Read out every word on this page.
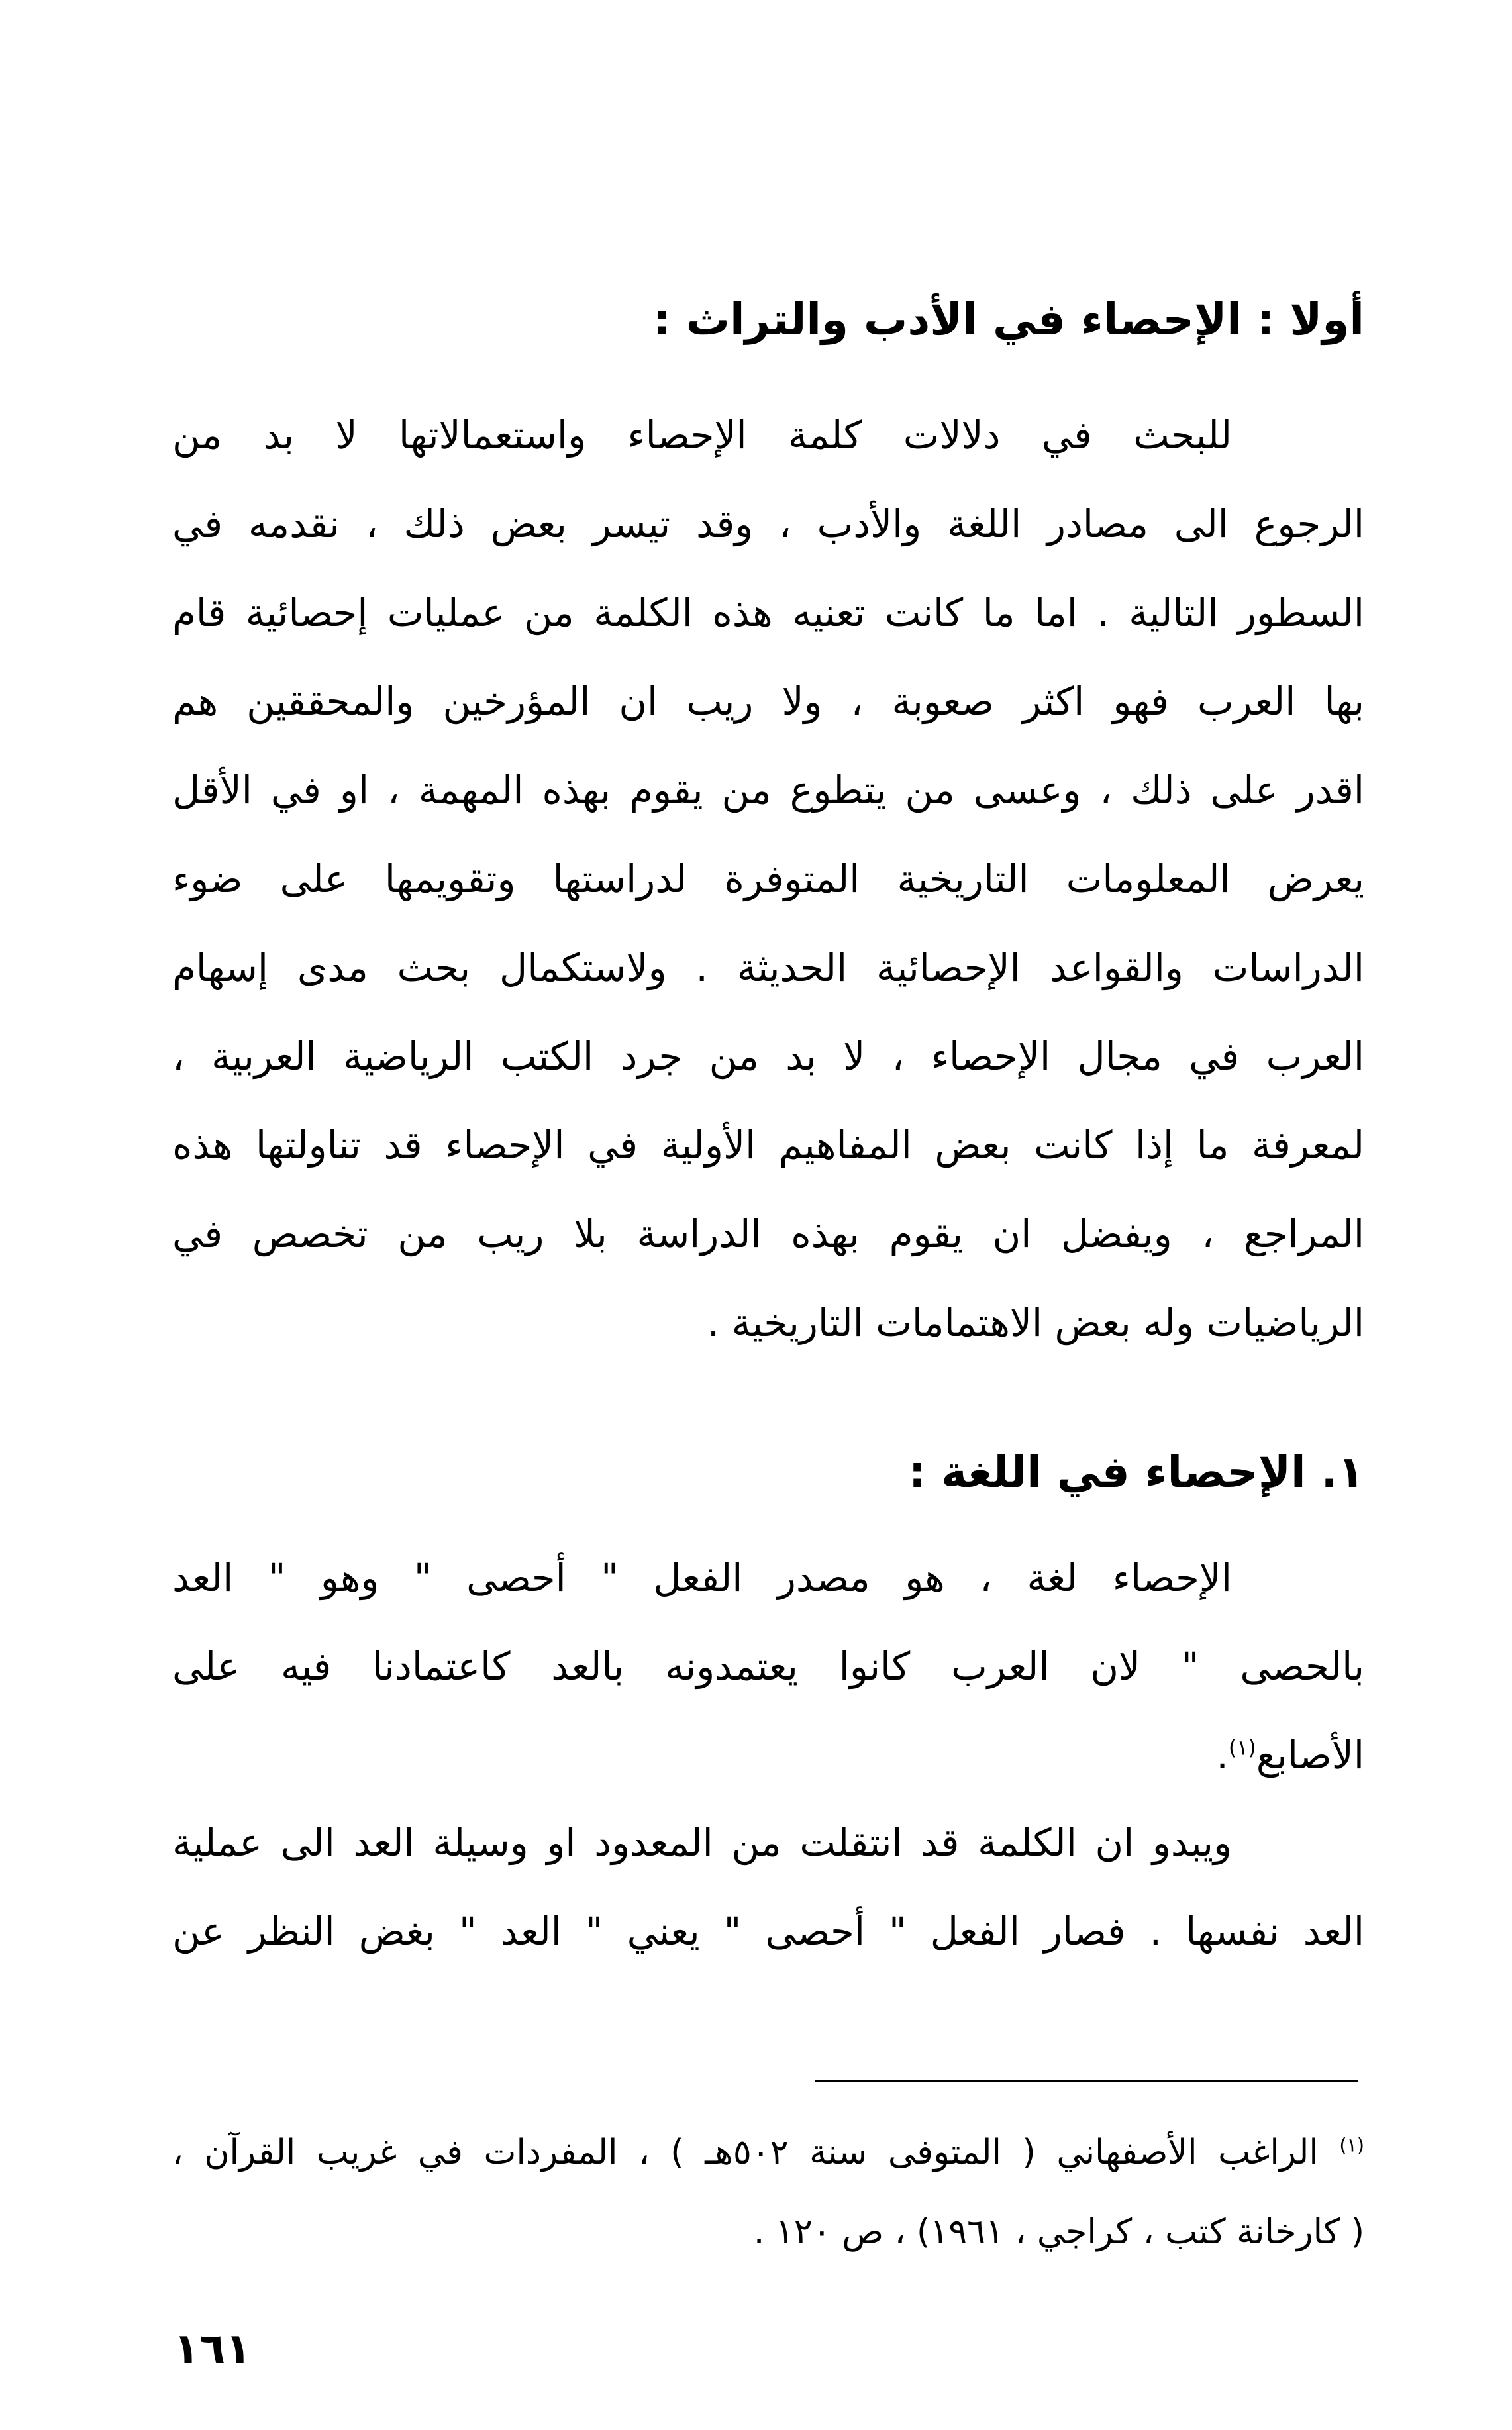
أولا : الإحصاء في الأدب والتراث :
للبحث في دلالات كلمة الإحصاء واستعمالاتها لا بد من
الرجوع الى مصادر اللغة والأدب ، وقد تيسر بعض ذلك ، نقدمه في
السطور التالية . اما ما كانت تعنيه هذه الكلمة من عمليات إحصائية قام
بها العرب فهو اكثر صعوبة ، ولا ريب ان المؤرخين والمحققين هم
اقدر على ذلك ، وعسى من يتطوع من يقوم بهذه المهمة ، او في الأقل
يعرض المعلومات التاريخية المتوفرة لدراستها وتقويمها على ضوء
الدراسات والقواعد الإحصائية الحديثة . ولاستكمال بحث مدى إسهام
العرب في مجال الإحصاء ، لا بد من جرد الكتب الرياضية العربية ،
لمعرفة ما إذا كانت بعض المفاهيم الأولية في الإحصاء قد تناولتها هذه
المراجع ، ويفضل ان يقوم بهذه الدراسة بلا ريب من تخصص في
الرياضيات وله بعض الاهتمامات التاريخية .
١. الإحصاء في اللغة :
الإحصاء لغة ، هو مصدر الفعل " أحصى " وهو " العد
بالحصى " لان العرب كانوا يعتمدونه بالعد كاعتمادنا فيه على
الأصابع$^{(١)}$.
ويبدو ان الكلمة قد انتقلت من المعدود او وسيلة العد الى عملية
العد نفسها . فصار الفعل " أحصى " يعني " العد " بغض النظر عن
$^{(١)}$ الراغب الأصفهاني ( المتوفى سنة ٥٠٢هـ ) ، المفردات في غريب القرآن ،
( كارخانة كتب ، كراجي ، ١٩٦١) ، ص ١٢٠ .
١٦١
